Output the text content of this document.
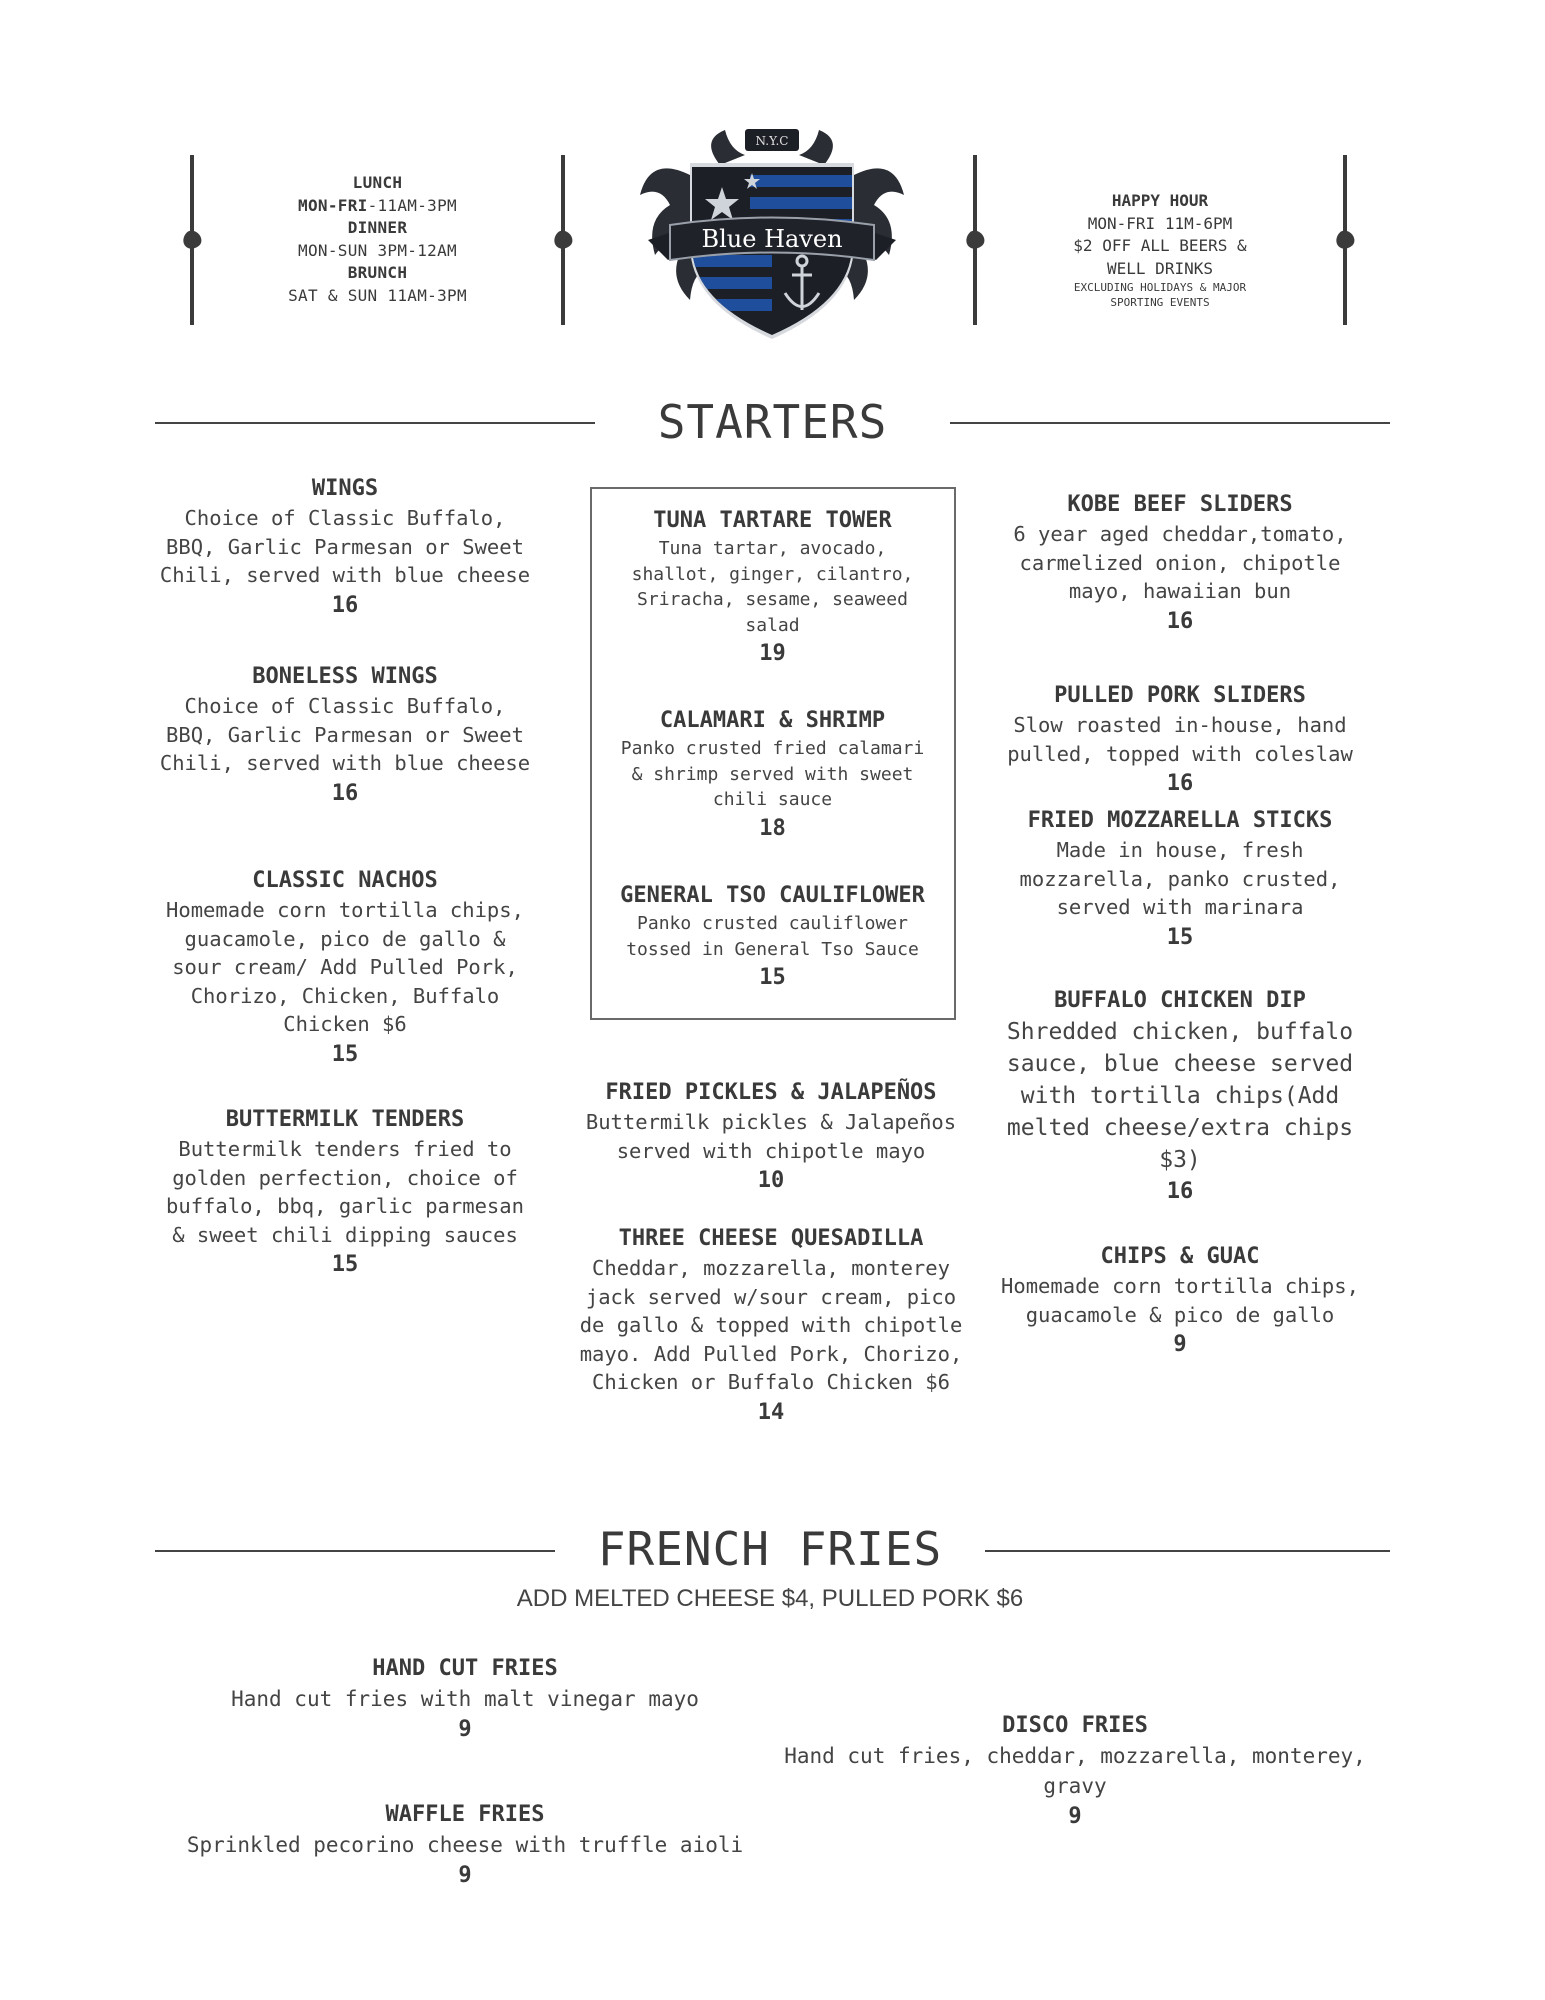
LUNCH
MON-FRI-11AM-3PM
DINNER
MON-SUN 3PM-12AM
BRUNCH
SAT & SUN 11AM-3PM
N.Y.C
Blue Haven
HAPPY HOUR
MON-FRI 11M-6PM
$2 OFF ALL BEERS &
WELL DRINKS
EXCLUDING HOLIDAYS & MAJOR
SPORTING EVENTS
STARTERS
WINGS
Choice of Classic Buffalo,
BBQ, Garlic Parmesan or Sweet
Chili, served with blue cheese
16
BONELESS WINGS
Choice of Classic Buffalo,
BBQ, Garlic Parmesan or Sweet
Chili, served with blue cheese
16
CLASSIC NACHOS
Homemade corn tortilla chips,
guacamole, pico de gallo &
sour cream/ Add Pulled Pork,
Chorizo, Chicken, Buffalo
Chicken $6
15
BUTTERMILK TENDERS
Buttermilk tenders fried to
golden perfection, choice of
buffalo, bbq, garlic parmesan
& sweet chili dipping sauces
15
TUNA TARTARE TOWER
Tuna tartar, avocado,
shallot, ginger, cilantro,
Sriracha, sesame, seaweed
salad
19
CALAMARI & SHRIMP
Panko crusted fried calamari
& shrimp served with sweet
chili sauce
18
GENERAL TSO CAULIFLOWER
Panko crusted cauliflower
tossed in General Tso Sauce
15
FRIED PICKLES & JALAPEÑOS
Buttermilk pickles & Jalapeños
served with chipotle mayo
10
THREE CHEESE QUESADILLA
Cheddar, mozzarella, monterey
jack served w/sour cream, pico
de gallo & topped with chipotle
mayo. Add Pulled Pork, Chorizo,
Chicken or Buffalo Chicken $6
14
KOBE BEEF SLIDERS
6 year aged cheddar,tomato,
carmelized onion, chipotle
mayo, hawaiian bun
16
PULLED PORK SLIDERS
Slow roasted in-house, hand
pulled, topped with coleslaw
16
FRIED MOZZARELLA STICKS
Made in house, fresh
mozzarella, panko crusted,
served with marinara
15
BUFFALO CHICKEN DIP
Shredded chicken, buffalo
sauce, blue cheese served
with tortilla chips(Add
melted cheese/extra chips
$3)
16
CHIPS & GUAC
Homemade corn tortilla chips,
guacamole & pico de gallo
9
FRENCH FRIES
ADD MELTED CHEESE $4, PULLED PORK $6
HAND CUT FRIES
Hand cut fries with malt vinegar mayo
9
WAFFLE FRIES
Sprinkled pecorino cheese with truffle aioli
9
DISCO FRIES
Hand cut fries, cheddar, mozzarella, monterey,
gravy
9
